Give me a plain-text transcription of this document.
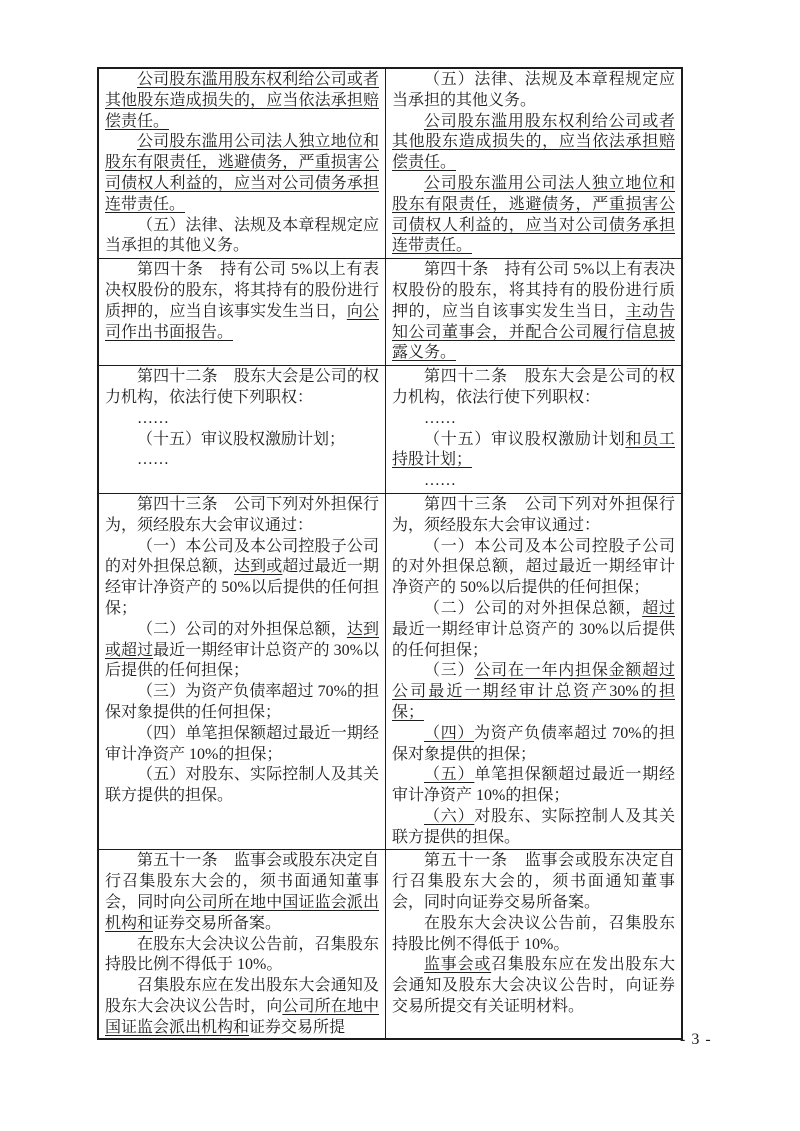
公司股东滥用股东权利给公司或者其他股东造成损失的，应当依法承担赔偿责任。

公司股东滥用公司法人独立地位和股东有限责任，逃避债务，严重损害公司债权人利益的，应当对公司债务承担连带责任。

（五）法律、法规及本章程规定应当承担的其他义务。

（五）法律、法规及本章程规定应当承担的其他义务。

公司股东滥用股东权利给公司或者其他股东造成损失的，应当依法承担赔偿责任。

公司股东滥用公司法人独立地位和股东有限责任，逃避债务，严重损害公司债权人利益的，应当对公司债务承担连带责任。

第四十条　持有公司 5%以上有表决权股份的股东，将其持有的股份进行质押的，应当自该事实发生当日，向公司作出书面报告。

第四十条　持有公司 5%以上有表决权股份的股东，将其持有的股份进行质押的，应当自该事实发生当日，主动告知公司董事会，并配合公司履行信息披露义务。

第四十二条　股东大会是公司的权力机构，依法行使下列职权：

……

（十五）审议股权激励计划；

……

第四十二条　股东大会是公司的权力机构，依法行使下列职权：

……

（十五）审议股权激励计划和员工持股计划；

……

第四十三条　公司下列对外担保行为，须经股东大会审议通过：

（一）本公司及本公司控股子公司的对外担保总额，达到或超过最近一期经审计净资产的 50%以后提供的任何担保；

（二）公司的对外担保总额，达到或超过最近一期经审计总资产的 30%以后提供的任何担保；

（三）为资产负债率超过 70%的担保对象提供的任何担保；

（四）单笔担保额超过最近一期经审计净资产 10%的担保；

（五）对股东、实际控制人及其关联方提供的担保。

第四十三条　公司下列对外担保行为，须经股东大会审议通过：

（一）本公司及本公司控股子公司的对外担保总额，超过最近一期经审计净资产的 50%以后提供的任何担保；

（二）公司的对外担保总额，超过最近一期经审计总资产的 30%以后提供的任何担保；

（三）公司在一年内担保金额超过公司最近一期经审计总资产30%的担保；

（四）为资产负债率超过 70%的担保对象提供的担保；

（五）单笔担保额超过最近一期经审计净资产 10%的担保；

（六）对股东、实际控制人及其关联方提供的担保。

第五十一条　监事会或股东决定自行召集股东大会的，须书面通知董事会，同时向公司所在地中国证监会派出机构和证券交易所备案。

在股东大会决议公告前，召集股东持股比例不得低于 10%。

召集股东应在发出股东大会通知及股东大会决议公告时，向公司所在地中国证监会派出机构和证券交易所提

第五十一条　监事会或股东决定自行召集股东大会的，须书面通知董事会，同时向证券交易所备案。

在股东大会决议公告前，召集股东持股比例不得低于 10%。

监事会或召集股东应在发出股东大会通知及股东大会决议公告时，向证券交易所提交有关证明材料。

- 3 -
